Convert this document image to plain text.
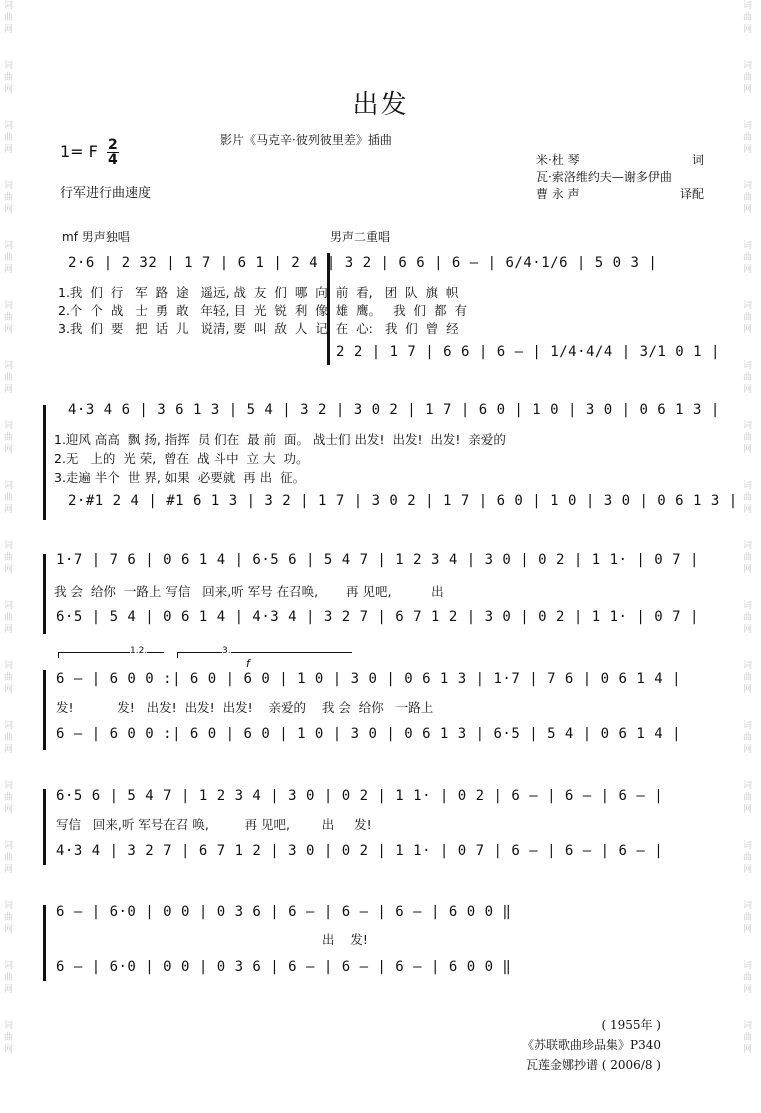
词
曲
网
词
曲
网
词
曲
网
词
曲
网
词
曲
网
词
曲
网
词
曲
网
词
曲
网
词
曲
网
词
曲
网
词
曲
网
词
曲
网
词
曲
网
词
曲
网
词
曲
网
词
曲
网
词
曲
网
词
曲
网
词
曲
网
词
曲
网
词
曲
网
词
曲
网
词
曲
网
词
曲
网
词
曲
网
词
曲
网
词
曲
网
词
曲
网
词
曲
网
词
曲
网
词
曲
网
词
曲
网
词
曲
网
词
曲
网
词
曲
网
词
曲
网
出发
1= F $\frac{2}{4}$	影片《马克辛·彼列彼里差》插曲
行军进行曲速度
米·杜 琴	词
瓦·索洛维约夫—谢多伊曲
曹 永 声	译配
mf 男声独唱	男声二重唱
2·6 | 2 32 | 1 7 | 6 1 | 2 4 | 3 2 | 6 6 | 6 — | 6/4·1/6 | 5 0 3 |
1.我  们  行   军  路  途   遥远, 战  友  们  哪  向  前  看,   团  队  旗  帜
2.个  个  战   士  勇  敢   年轻, 目  光  锐  利  像  雄  鹰。   我  们  都  有
3.我  们  要   把  话  儿   说清, 要  叫  敌  人  记  在  心:   我  们  曾  经
2 2 | 1 7 | 6 6 | 6 — | 1/4·4/4 | 3/1 0 1 |
4·3 4 6 | 3 6 1 3 | 5 4 | 3 2 | 3 0 2 | 1 7 | 6 0 | 1 0 | 3 0 | 0 6 1 3 |
1.迎风 高高  飘 扬, 指挥  员 们在  最 前  面。 战士们 出发!  出发!  出发!  亲爱的
2.无   上的  光 荣,  曾在  战 斗中  立 大  功。
3.走遍 半个  世 界, 如果  必要就  再 出  征。
2·#1 2 4 | #1 6 1 3 | 3 2 | 1 7 | 3 0 2 | 1 7 | 6 0 | 1 0 | 3 0 | 0 6 1 3 |
1·7 | 7 6 | 0 6 1 4 | 6·5 6 | 5 4 7 | 1 2 3 4 | 3 0 | 0 2 | 1 1· | 0 7 |
我 会  给你  一路上 写信   回来,听 军号 在召唤,       再 见吧,          出
6·5 | 5 4 | 0 6 1 4 | 4·3 4 | 3 2 7 | 6 7 1 2 | 3 0 | 0 2 | 1 1· | 0 7 |
1.2.	3.
f
6 — | 6 0 0 :| 6 0 | 6 0 | 1 0 | 3 0 | 0 6 1 3 | 1·7 | 7 6 | 0 6 1 4 |
发!           发!   出发!  出发!  出发!    亲爱的    我 会  给你   一路上
6 — | 6 0 0 :| 6 0 | 6 0 | 1 0 | 3 0 | 0 6 1 3 | 6·5 | 5 4 | 0 6 1 4 |
6·5 6 | 5 4 7 | 1 2 3 4 | 3 0 | 0 2 | 1 1· | 0 2 | 6 — | 6 — | 6 — |
写信   回来,听 军号在召 唤,         再 见吧,        出     发!
4·3 4 | 3 2 7 | 6 7 1 2 | 3 0 | 0 2 | 1 1· | 0 7 | 6 — | 6 — | 6 — |
6 — | 6·0 | 0 0 | 0 3 6 | 6 — | 6 — | 6 — | 6 0 0 ‖
出    发!
6 — | 6·0 | 0 0 | 0 3 6 | 6 — | 6 — | 6 — | 6 0 0 ‖
( 1955年 )
《苏联歌曲珍品集》P340
瓦莲金娜抄谱 ( 2006/8 )
